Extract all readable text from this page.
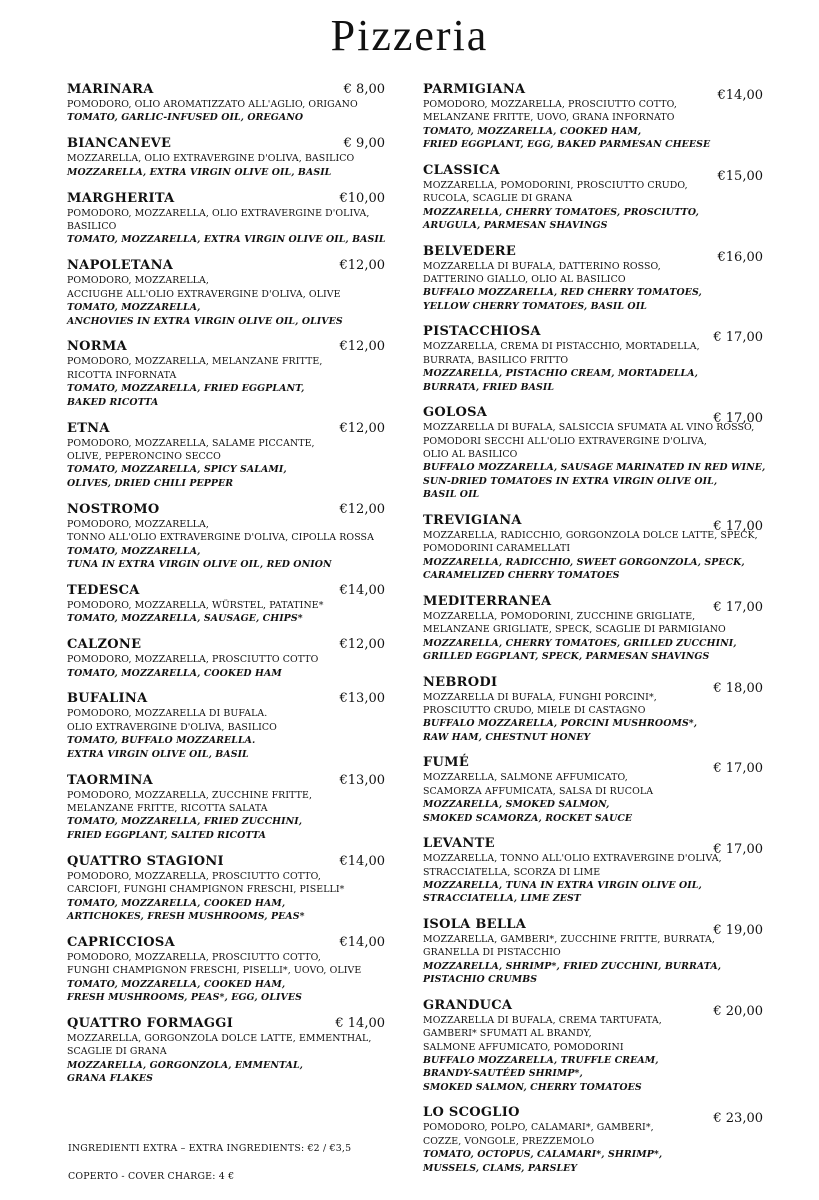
Pizzeria
MARINARA	€ 8,00
POMODORO, OLIO AROMATIZZATO ALL'AGLIO, ORIGANO
TOMATO, GARLIC-INFUSED OIL, OREGANO
BIANCANEVE	€ 9,00
MOZZARELLA, OLIO EXTRAVERGINE D'OLIVA, BASILICO
MOZZARELLA, EXTRA VIRGIN OLIVE OIL, BASIL
MARGHERITA	€10,00
POMODORO, MOZZARELLA, OLIO EXTRAVERGINE D'OLIVA,
BASILICO
TOMATO, MOZZARELLA, EXTRA VIRGIN OLIVE OIL, BASIL
NAPOLETANA	€12,00
POMODORO, MOZZARELLA,
ACCIUGHE ALL'OLIO EXTRAVERGINE D'OLIVA, OLIVE
TOMATO, MOZZARELLA,
ANCHOVIES IN EXTRA VIRGIN OLIVE OIL, OLIVES
NORMA	€12,00
POMODORO, MOZZARELLA, MELANZANE FRITTE,
RICOTTA INFORNATA
TOMATO, MOZZARELLA, FRIED EGGPLANT,
BAKED RICOTTA
ETNA	€12,00
POMODORO, MOZZARELLA, SALAME PICCANTE,
OLIVE, PEPERONCINO SECCO
TOMATO, MOZZARELLA, SPICY SALAMI,
OLIVES, DRIED CHILI PEPPER
NOSTROMO	€12,00
POMODORO, MOZZARELLA,
TONNO ALL'OLIO EXTRAVERGINE D'OLIVA, CIPOLLA ROSSA
TOMATO, MOZZARELLA,
TUNA IN EXTRA VIRGIN OLIVE OIL, RED ONION
TEDESCA	€14,00
POMODORO, MOZZARELLA, WÜRSTEL, PATATINE*
TOMATO, MOZZARELLA, SAUSAGE, CHIPS*
CALZONE	€12,00
POMODORO, MOZZARELLA, PROSCIUTTO COTTO
TOMATO, MOZZARELLA, COOKED HAM
BUFALINA	€13,00
POMODORO, MOZZARELLA DI BUFALA.
OLIO EXTRAVERGINE D'OLIVA, BASILICO
TOMATO, BUFFALO MOZZARELLA.
EXTRA VIRGIN OLIVE OIL, BASIL
TAORMINA	€13,00
POMODORO, MOZZARELLA, ZUCCHINE FRITTE,
MELANZANE FRITTE, RICOTTA SALATA
TOMATO, MOZZARELLA, FRIED ZUCCHINI,
FRIED EGGPLANT, SALTED RICOTTA
QUATTRO STAGIONI	€14,00
POMODORO, MOZZARELLA, PROSCIUTTO COTTO,
CARCIOFI, FUNGHI CHAMPIGNON FRESCHI, PISELLI*
TOMATO, MOZZARELLA, COOKED HAM,
ARTICHOKES, FRESH MUSHROOMS, PEAS*
CAPRICCIOSA	€14,00
POMODORO, MOZZARELLA, PROSCIUTTO COTTO,
FUNGHI CHAMPIGNON FRESCHI, PISELLI*, UOVO, OLIVE
TOMATO, MOZZARELLA, COOKED HAM,
FRESH MUSHROOMS, PEAS*, EGG, OLIVES
QUATTRO FORMAGGI	€ 14,00
MOZZARELLA, GORGONZOLA DOLCE LATTE, EMMENTHAL,
SCAGLIE DI GRANA
MOZZARELLA, GORGONZOLA, EMMENTAL,
GRANA FLAKES
PARMIGIANA	€14,00
POMODORO, MOZZARELLA, PROSCIUTTO COTTO,
MELANZANE FRITTE, UOVO, GRANA INFORNATO
TOMATO, MOZZARELLA, COOKED HAM,
FRIED EGGPLANT, EGG, BAKED PARMESAN CHEESE
CLASSICA	€15,00
MOZZARELLA, POMODORINI, PROSCIUTTO CRUDO,
RUCOLA, SCAGLIE DI GRANA
MOZZARELLA, CHERRY TOMATOES, PROSCIUTTO,
ARUGULA, PARMESAN SHAVINGS
BELVEDERE	€16,00
MOZZARELLA DI BUFALA, DATTERINO ROSSO,
DATTERINO GIALLO, OLIO AL BASILICO
BUFFALO MOZZARELLA, RED CHERRY TOMATOES,
YELLOW CHERRY TOMATOES, BASIL OIL
PISTACCHIOSA	€ 17,00
MOZZARELLA, CREMA DI PISTACCHIO, MORTADELLA,
BURRATA, BASILICO FRITTO
MOZZARELLA, PISTACHIO CREAM, MORTADELLA,
BURRATA, FRIED BASIL
GOLOSA	€ 17,00
MOZZARELLA DI BUFALA, SALSICCIA SFUMATA AL VINO ROSSO,
POMODORI SECCHI ALL'OLIO EXTRAVERGINE D'OLIVA,
OLIO AL BASILICO
BUFFALO MOZZARELLA, SAUSAGE MARINATED IN RED WINE,
SUN-DRIED TOMATOES IN EXTRA VIRGIN OLIVE OIL,
BASIL OIL
TREVIGIANA	€ 17,00
MOZZARELLA, RADICCHIO, GORGONZOLA DOLCE LATTE, SPECK,
POMODORINI CARAMELLATI
MOZZARELLA, RADICCHIO, SWEET GORGONZOLA, SPECK,
CARAMELIZED CHERRY TOMATOES
MEDITERRANEA	€ 17,00
MOZZARELLA, POMODORINI, ZUCCHINE GRIGLIATE,
MELANZANE GRIGLIATE, SPECK, SCAGLIE DI PARMIGIANO
MOZZARELLA, CHERRY TOMATOES, GRILLED ZUCCHINI,
GRILLED EGGPLANT, SPECK, PARMESAN SHAVINGS
NEBRODI	€ 18,00
MOZZARELLA DI BUFALA, FUNGHI PORCINI*,
PROSCIUTTO CRUDO, MIELE DI CASTAGNO
BUFFALO MOZZARELLA, PORCINI MUSHROOMS*,
RAW HAM, CHESTNUT HONEY
FUMÉ	€ 17,00
MOZZARELLA, SALMONE AFFUMICATO,
SCAMORZA AFFUMICATA, SALSA DI RUCOLA
MOZZARELLA, SMOKED SALMON,
SMOKED SCAMORZA, ROCKET SAUCE
LEVANTE	€ 17,00
MOZZARELLA, TONNO ALL'OLIO EXTRAVERGINE D'OLIVA,
STRACCIATELLA, SCORZA DI LIME
MOZZARELLA, TUNA IN EXTRA VIRGIN OLIVE OIL,
STRACCIATELLA, LIME ZEST
ISOLA BELLA	€ 19,00
MOZZARELLA, GAMBERI*, ZUCCHINE FRITTE, BURRATA,
GRANELLA DI PISTACCHIO
MOZZARELLA, SHRIMP*, FRIED ZUCCHINI, BURRATA,
PISTACHIO CRUMBS
GRANDUCA	€ 20,00
MOZZARELLA DI BUFALA, CREMA TARTUFATA,
GAMBERI* SFUMATI AL BRANDY,
SALMONE AFFUMICATO, POMODORINI
BUFFALO MOZZARELLA, TRUFFLE CREAM,
BRANDY-SAUTÉED SHRIMP*,
SMOKED SALMON, CHERRY TOMATOES
LO SCOGLIO	€ 23,00
POMODORO, POLPO, CALAMARI*, GAMBERI*,
COZZE, VONGOLE, PREZZEMOLO
TOMATO, OCTOPUS, CALAMARI*, SHRIMP*,
MUSSELS, CLAMS, PARSLEY
INGREDIENTI EXTRA – EXTRA INGREDIENTS: €2 / €3,5
COPERTO - COVER CHARGE: 4 €
